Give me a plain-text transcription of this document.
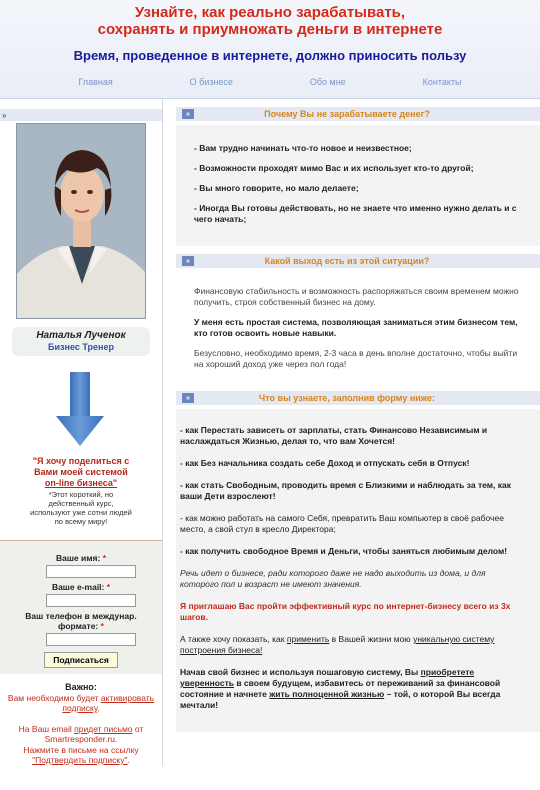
Узнайте, как реально зарабатывать,
сохранять и приумножать деньги в интернете
Время, проведенное в интернете, должно приносить пользу
Главная	О бизнесе	Обо мне	Контакты
»
Наталья Лученок
Бизнес Тренер
"Я хочу поделиться с
Вами моей системой
on-line бизнеса"
*Этот короткий, но
действенный курс,
используют уже сотни людей
по всему миру!
Ваше имя: *
Ваше e-mail: *
Ваш телефон в междунар.
формате: *
Подписаться
Важно:
Вам необходимо будет активировать
подписку.
На Ваш email придет письмо от
Smartresponder.ru.
Нажмите в письме на ссылку
"Подтвердить подписку".
»	Почему Вы не зарабатываете денег?

- Вам трудно начинать что-то новое и неизвестное;

- Возможности проходят мимо Вас и их использует кто-то другой;

- Вы много говорите, но мало делаете;

- Иногда Вы готовы действовать, но не знаете что именно нужно делать и с чего начать;

»	Какой выход есть из этой ситуации?

Финансовую стабильность и возможность распоряжаться своим временем можно получить, строя собственный бизнес на дому.

У меня есть простая система, позволяющая заниматься этим бизнесом тем, кто готов освоить новые навыки.

Безусловно, необходимо время, 2-3 часа в день вполне достаточно, чтобы выйти на хороший доход уже через пол года!

»	Что вы узнаете, заполнив форму ниже:

- как Перестать зависеть от зарплаты, стать Финансово Независимым и наслаждаться Жизнью, делая то, что вам Хочется!

- как Без начальника создать себе Доход и отпускать себя в Отпуск!

- как стать Свободным, проводить время с Близкими и наблюдать за тем, как ваши Дети взрослеют!

- как можно работать на самого Себя, превратить Ваш компьютер в своё рабочее место, а свой стул в кресло Директора;

- как получить свободное Время и Деньги, чтобы заняться любимым делом!

Речь идет о бизнесе, ради которого даже не надо выходить из дома, и для которого пол и возраст не имеют значения.

Я приглашаю Вас пройти эффективный курс по интернет-бизнесу всего из 3х шагов.

А также хочу показать, как применить в Вашей жизни мою уникальную систему построения бизнеса!

Начав свой бизнес и используя пошаговую систему, Вы приобретете уверенность в своем будущем, избавитесь от переживаний за финансовой состояние и начнете жить полноценной жизнью – той, о которой Вы всегда мечтали!
